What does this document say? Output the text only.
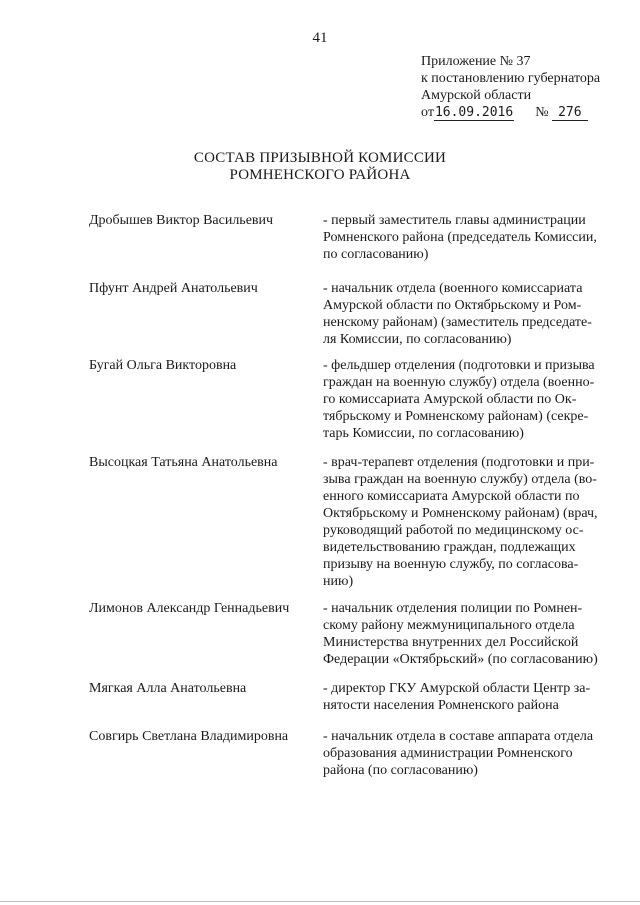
41
Приложение № 37
к постановлению губернатора
Амурской области
от16.09.2016 № 276
СОСТАВ ПРИЗЫВНОЙ КОМИССИИ
РОМНЕНСКОГО РАЙОНА
Дробышев Виктор Васильевич	- первый заместитель главы администрации
Ромненского района (председатель Комиссии,
по согласованию)
Пфунт Андрей Анатольевич	- начальник отдела (военного комиссариата
Амурской области по Октябрьскому и Ром-
ненскому районам) (заместитель председате-
ля Комиссии, по согласованию)
Бугай Ольга Викторовна	- фельдшер отделения (подготовки и призыва
граждан на военную службу) отдела (военно-
го комиссариата Амурской области по Ок-
тябрьскому и Ромненскому районам) (секре-
тарь Комиссии, по согласованию)
Высоцкая Татьяна Анатольевна	- врач-терапевт отделения (подготовки и при-
зыва граждан на военную службу) отдела (во-
енного комиссариата Амурской области по
Октябрьскому и Ромненскому районам) (врач,
руководящий работой по медицинскому ос-
видетельствованию граждан, подлежащих
призыву на военную службу, по согласова-
нию)
Лимонов Александр Геннадьевич - начальник отделения полиции по Ромнен-
скому району межмуниципального отдела
Министерства внутренних дел Российской
Федерации «Октябрьский» (по согласованию)
Мягкая Алла Анатольевна	- директор ГКУ Амурской области Центр за-
нятости населения Ромненского района
Совгирь Светлана Владимировна - начальник отдела в составе аппарата отдела
образования администрации Ромненского
района (по согласованию)
